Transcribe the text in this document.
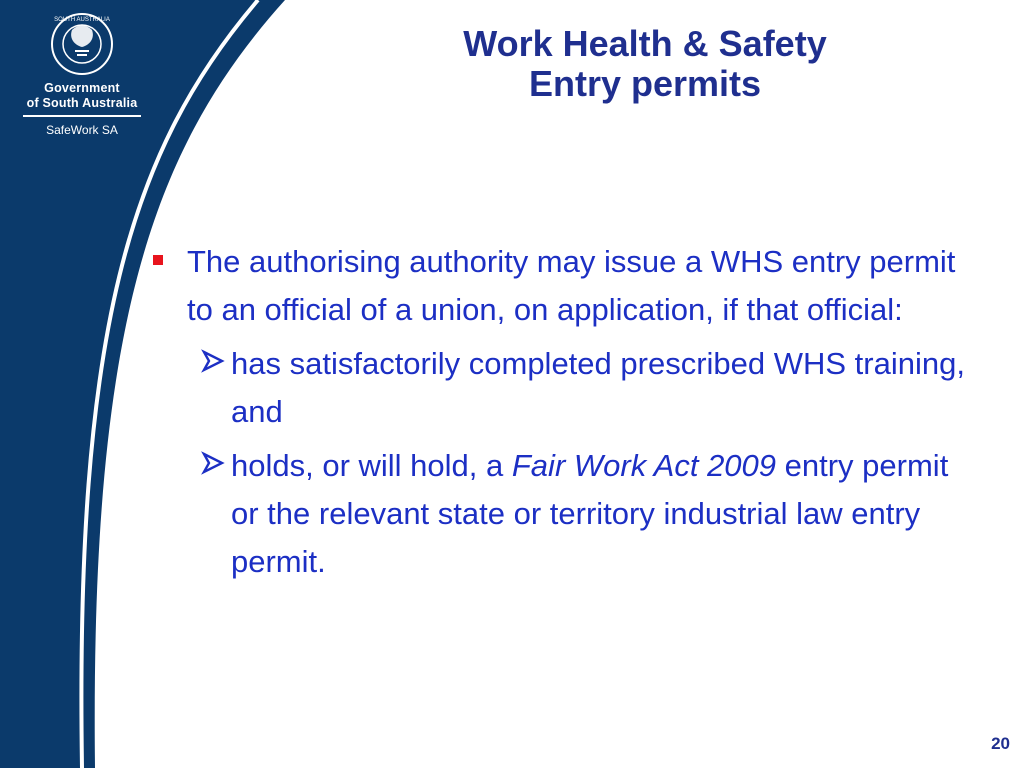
SOUTH AUSTRALIA
Government
of South Australia
SafeWork SA
Work Health & Safety
Entry permits
The authorising authority may issue a WHS entry permit to an official of a union, on application, if that official:
has satisfactorily completed prescribed WHS training, and
holds, or will hold, a Fair Work Act 2009 entry permit or the relevant state or territory industrial law entry permit.
20
